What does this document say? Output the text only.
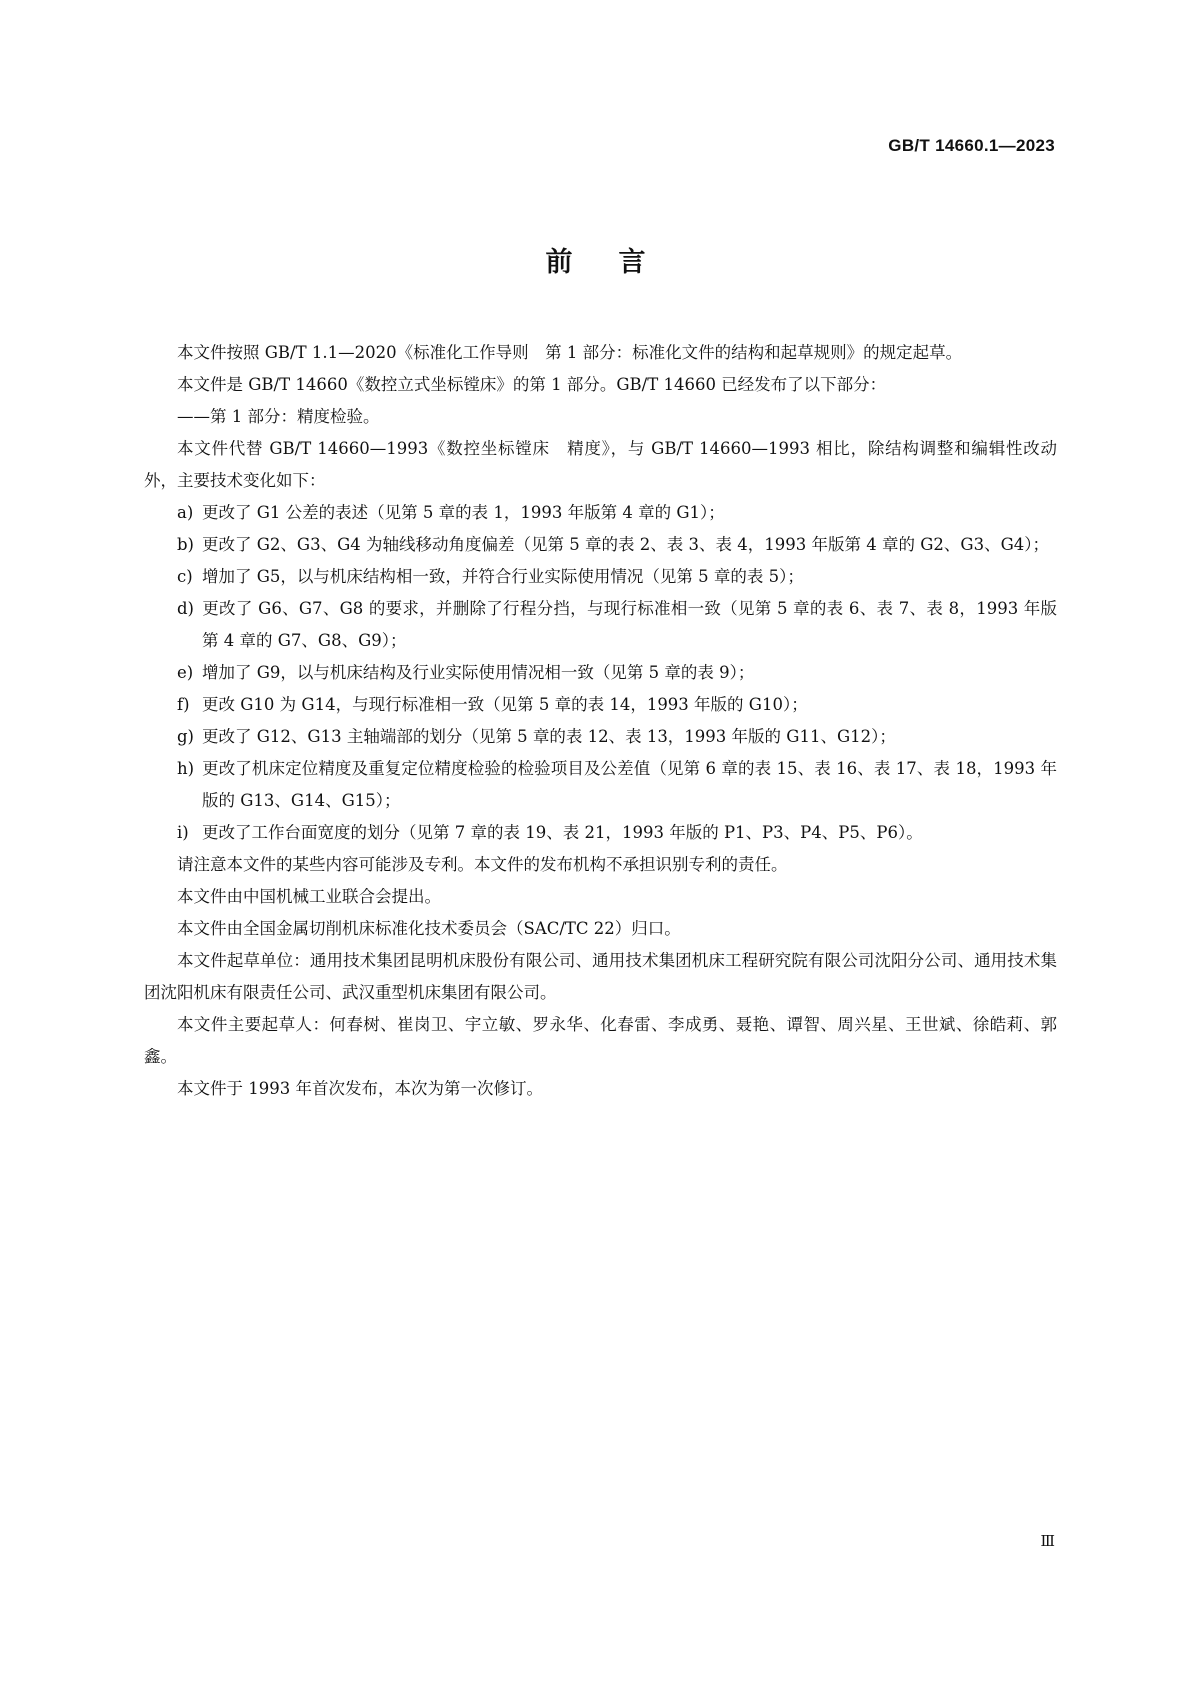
GB/T 14660.1—2023
前言

本文件按照 GB/T 1.1—2020《标准化工作导则　第 1 部分：标准化文件的结构和起草规则》的规定起草。

本文件是 GB/T 14660《数控立式坐标镗床》的第 1 部分。GB/T 14660 已经发布了以下部分：

——第 1 部分：精度检验。

本文件代替 GB/T 14660—1993《数控坐标镗床　精度》，与 GB/T 14660—1993 相比，除结构调整和编辑性改动外，主要技术变化如下：

a) 更改了 G1 公差的表述（见第 5 章的表 1，1993 年版第 4 章的 G1）；

b) 更改了 G2、G3、G4 为轴线移动角度偏差（见第 5 章的表 2、表 3、表 4，1993 年版第 4 章的 G2、G3、G4）；

c) 增加了 G5，以与机床结构相一致，并符合行业实际使用情况（见第 5 章的表 5）；

d) 更改了 G6、G7、G8 的要求，并删除了行程分挡，与现行标准相一致（见第 5 章的表 6、表 7、表 8，1993 年版第 4 章的 G7、G8、G9）；

e) 增加了 G9，以与机床结构及行业实际使用情况相一致（见第 5 章的表 9）；

f) 更改 G10 为 G14，与现行标准相一致（见第 5 章的表 14，1993 年版的 G10）；

g) 更改了 G12、G13 主轴端部的划分（见第 5 章的表 12、表 13，1993 年版的 G11、G12）；

h) 更改了机床定位精度及重复定位精度检验的检验项目及公差值（见第 6 章的表 15、表 16、表 17、表 18，1993 年版的 G13、G14、G15）；

i) 更改了工作台面宽度的划分（见第 7 章的表 19、表 21，1993 年版的 P1、P3、P4、P5、P6）。

请注意本文件的某些内容可能涉及专利。本文件的发布机构不承担识别专利的责任。

本文件由中国机械工业联合会提出。

本文件由全国金属切削机床标准化技术委员会（SAC/TC 22）归口。

本文件起草单位：通用技术集团昆明机床股份有限公司、通用技术集团机床工程研究院有限公司沈阳分公司、通用技术集团沈阳机床有限责任公司、武汉重型机床集团有限公司。

本文件主要起草人：何春树、崔岗卫、宇立敏、罗永华、化春雷、李成勇、聂艳、谭智、周兴星、王世斌、徐皓莉、郭鑫。

本文件于 1993 年首次发布，本次为第一次修订。

Ⅲ
